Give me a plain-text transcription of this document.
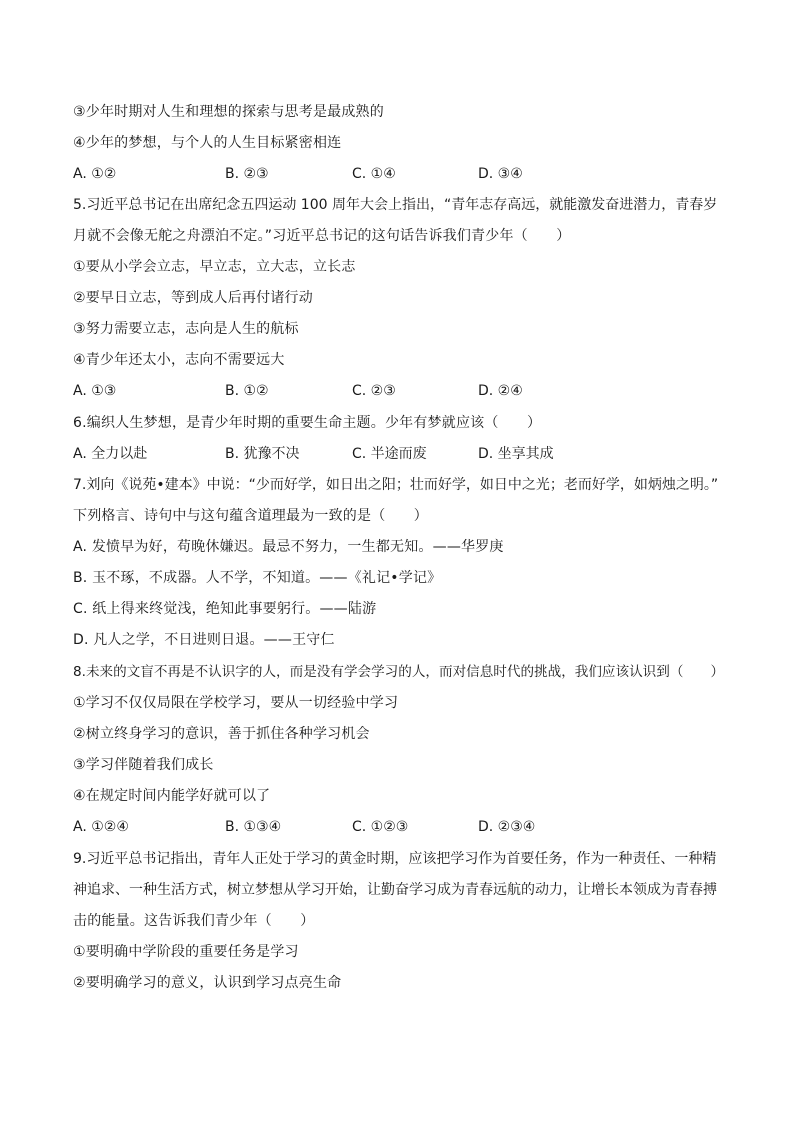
③少年时期对人生和理想的探索与思考是最成熟的
④少年的梦想，与个人的人生目标紧密相连
A. ①②	B. ②③	C. ①④	D. ③④
5.习近平总书记在出席纪念五四运动 100 周年大会上指出，“青年志存高远，就能激发奋进潜力，青春岁
月就不会像无舵之舟漂泊不定。”习近平总书记的这句话告诉我们青少年（　　）
①要从小学会立志，早立志，立大志，立长志
②要早日立志，等到成人后再付诸行动
③努力需要立志，志向是人生的航标
④青少年还太小，志向不需要远大
A. ①③	B. ①②	C. ②③	D. ②④
6.编织人生梦想，是青少年时期的重要生命主题。少年有梦就应该（　　）
A. 全力以赴	B. 犹豫不决	C. 半途而废	D. 坐享其成
7.刘向《说苑•建本》中说：“少而好学，如日出之阳；壮而好学，如日中之光；老而好学，如炳烛之明。”
下列格言、诗句中与这句蕴含道理最为一致的是（　　）
A. 发愤早为好，苟晚休嫌迟。最忌不努力，一生都无知。——华罗庚
B. 玉不琢，不成器。人不学，不知道。——《礼记•学记》
C. 纸上得来终觉浅，绝知此事要躬行。——陆游
D. 凡人之学，不日进则日退。——王守仁
8.未来的文盲不再是不认识字的人，而是没有学会学习的人，而对信息时代的挑战，我们应该认识到（　　）
①学习不仅仅局限在学校学习，要从一切经验中学习
②树立终身学习的意识，善于抓住各种学习机会
③学习伴随着我们成长
④在规定时间内能学好就可以了
A. ①②④	B. ①③④	C. ①②③	D. ②③④
9.习近平总书记指出，青年人正处于学习的黄金时期，应该把学习作为首要任务，作为一种责任、一种精
神追求、一种生活方式，树立梦想从学习开始，让勤奋学习成为青春远航的动力，让增长本领成为青春搏
击的能量。这告诉我们青少年（　　）
①要明确中学阶段的重要任务是学习
②要明确学习的意义，认识到学习点亮生命
